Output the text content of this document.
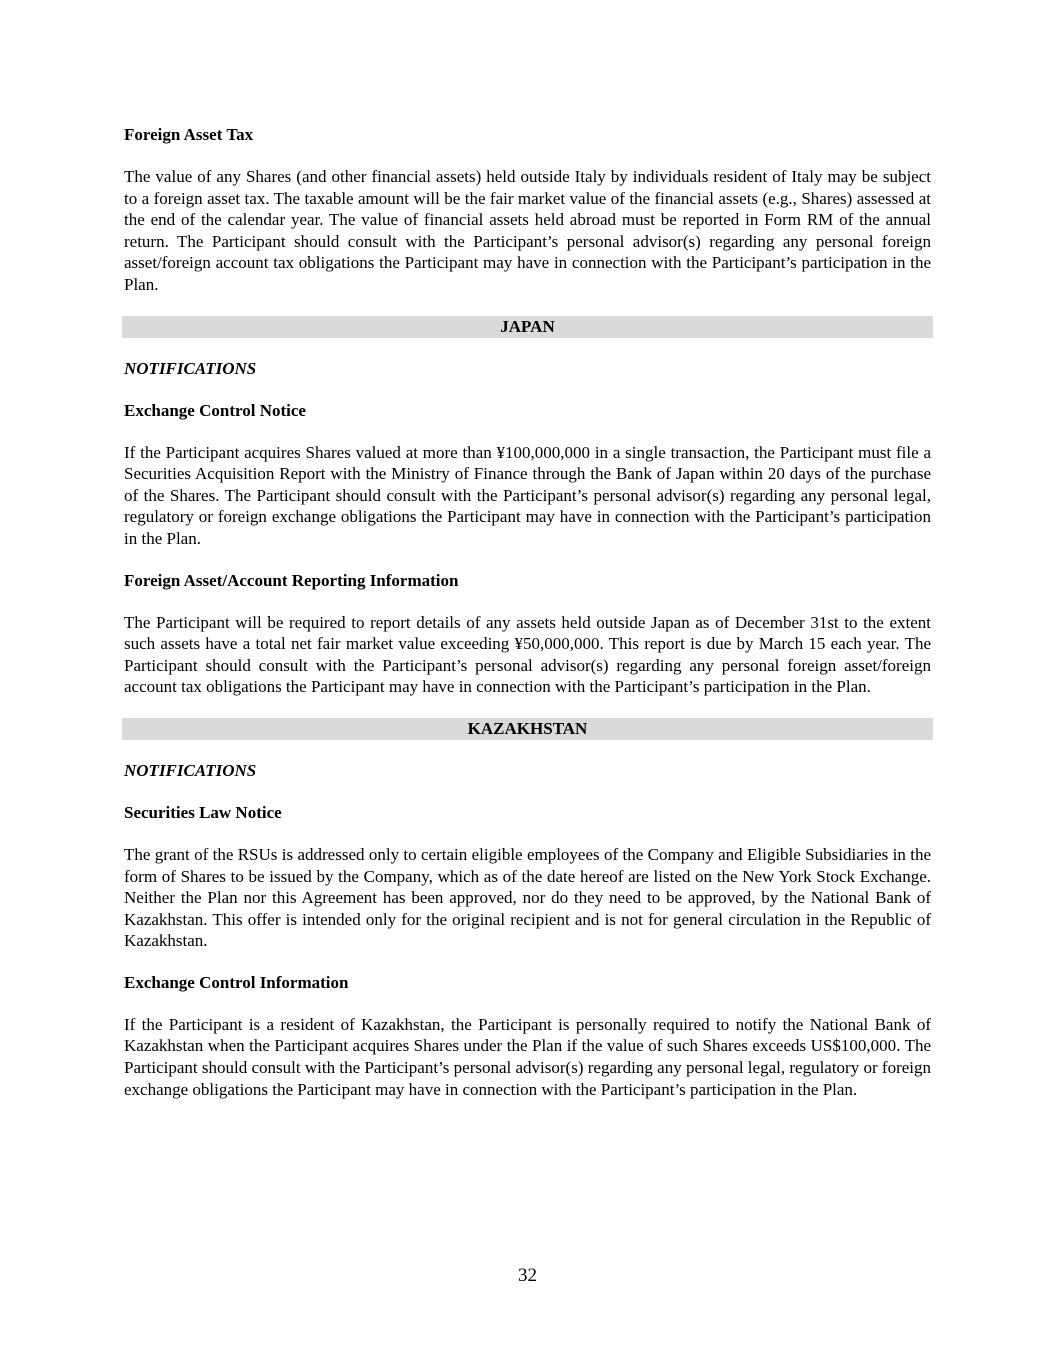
Foreign Asset Tax

The value of any Shares (and other financial assets) held outside Italy by individuals resident of Italy may be subject to a foreign asset tax. The taxable amount will be the fair market value of the financial assets (e.g., Shares) assessed at the end of the calendar year. The value of financial assets held abroad must be reported in Form RM of the annual return. The Participant should consult with the Participant’s personal advisor(s) regarding any personal foreign asset/foreign account tax obligations the Participant may have in connection with the Participant’s participation in the Plan.

JAPAN

NOTIFICATIONS

Exchange Control Notice

If the Participant acquires Shares valued at more than ¥100,000,000 in a single transaction, the Participant must file a Securities Acquisition Report with the Ministry of Finance through the Bank of Japan within 20 days of the purchase of the Shares. The Participant should consult with the Participant’s personal advisor(s) regarding any personal legal, regulatory or foreign exchange obligations the Participant may have in connection with the Participant’s participation in the Plan.

Foreign Asset/Account Reporting Information

The Participant will be required to report details of any assets held outside Japan as of December 31st to the extent such assets have a total net fair market value exceeding ¥50,000,000. This report is due by March 15 each year. The Participant should consult with the Participant’s personal advisor(s) regarding any personal foreign asset/foreign account tax obligations the Participant may have in connection with the Participant’s participation in the Plan.

KAZAKHSTAN

NOTIFICATIONS

Securities Law Notice

The grant of the RSUs is addressed only to certain eligible employees of the Company and Eligible Subsidiaries in the form of Shares to be issued by the Company, which as of the date hereof are listed on the New York Stock Exchange. Neither the Plan nor this Agreement has been approved, nor do they need to be approved, by the National Bank of Kazakhstan. This offer is intended only for the original recipient and is not for general circulation in the Republic of Kazakhstan.

Exchange Control Information

If the Participant is a resident of Kazakhstan, the Participant is personally required to notify the National Bank of Kazakhstan when the Participant acquires Shares under the Plan if the value of such Shares exceeds US$100,000. The Participant should consult with the Participant’s personal advisor(s) regarding any personal legal, regulatory or foreign exchange obligations the Participant may have in connection with the Participant’s participation in the Plan.

32
